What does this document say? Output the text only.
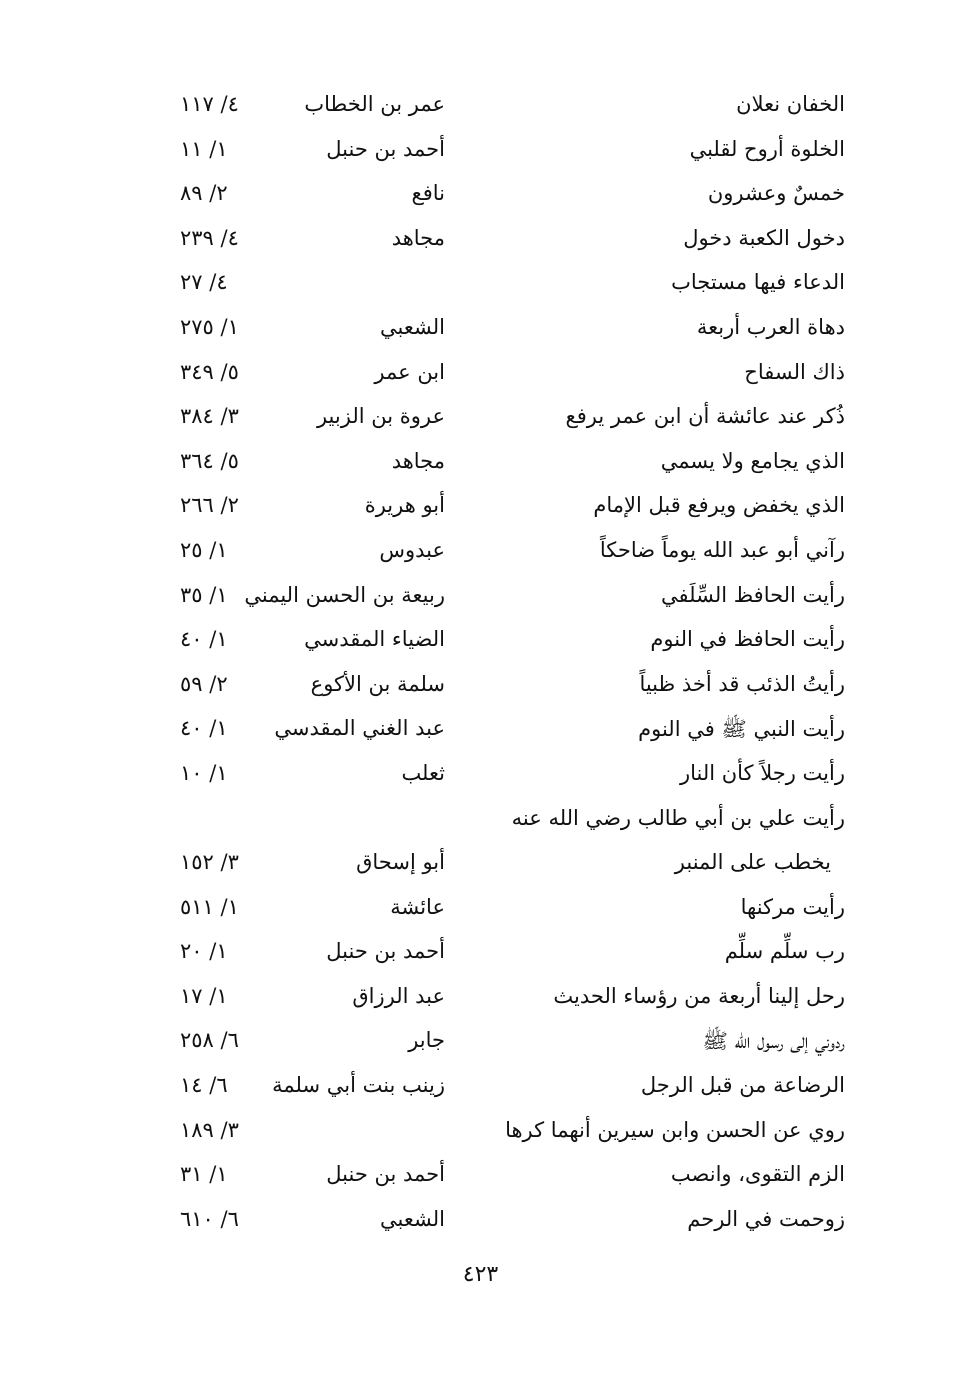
الخفان نعلان
عمر بن الخطاب
٤/ ١١٧
الخلوة أروح لقلبي
أحمد بن حنبل
١/ ١١
خمسٌ وعشرون
نافع
٢/ ٨٩
دخول الكعبة دخول
مجاهد
٤/ ٢٣٩
الدعاء فيها مستجاب
٤/ ٢٧
دهاة العرب أربعة
الشعبي
١/ ٢٧٥
ذاك السفاح
ابن عمر
٥/ ٣٤٩
ذُكر عند عائشة أن ابن عمر يرفع
عروة بن الزبير
٣/ ٣٨٤
الذي يجامع ولا يسمي
مجاهد
٥/ ٣٦٤
الذي يخفض ويرفع قبل الإمام
أبو هريرة
٢/ ٢٦٦
رآني أبو عبد الله يوماً ضاحكاً
عبدوس
١/ ٢٥
رأيت الحافظ السِّلَفي
ربيعة بن الحسن اليمني
١/ ٣٥
رأيت الحافظ في النوم
الضياء المقدسي
١/ ٤٠
رأيتُ الذئب قد أخذ ظبياً
سلمة بن الأكوع
٢/ ٥٩
رأيت النبي ﷺ في النوم
عبد الغني المقدسي
١/ ٤٠
رأيت رجلاً كأن النار
ثعلب
١/ ١٠
رأيت علي بن أبي طالب رضي الله عنه
يخطب على المنبر
أبو إسحاق
٣/ ١٥٢
رأيت مركنها
عائشة
١/ ٥١١
رب سلِّم سلِّم
أحمد بن حنبل
١/ ٢٠
رحل إلينا أربعة من رؤساء الحديث
عبد الرزاق
١/ ١٧
ردوني إلى رسول الله ﷺ
جابر
٦/ ٢٥٨
الرضاعة من قبل الرجل
زينب بنت أبي سلمة
٦/ ١٤
روي عن الحسن وابن سيرين أنهما كرها
٣/ ١٨٩
الزم التقوى، وانصب
أحمد بن حنبل
١/ ٣١
زوحمت في الرحم
الشعبي
٦/ ٦١٠
٤٢٣
